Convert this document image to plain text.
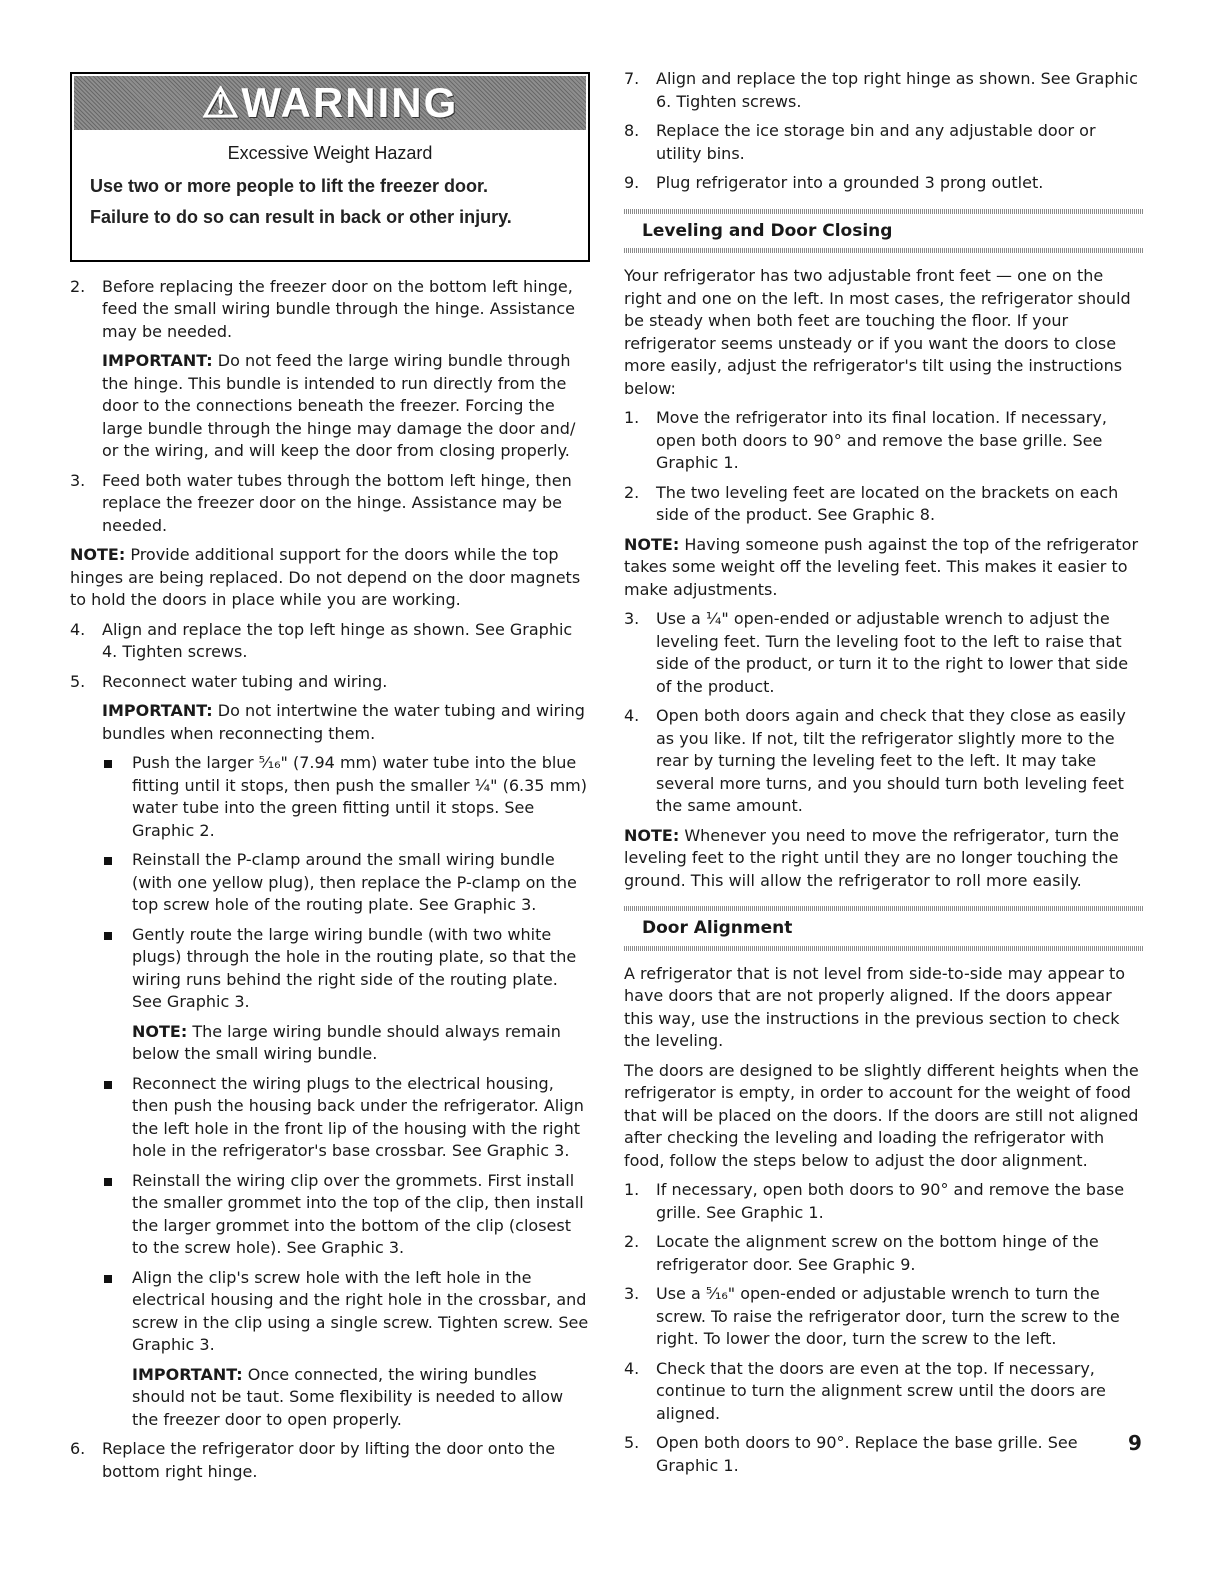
⚠WARNING
Excessive Weight Hazard
Use two or more people to lift the freezer door.
Failure to do so can result in back or other injury.
2.	Before replacing the freezer door on the bottom left hinge, feed the small wiring bundle through the hinge. Assistance may be needed.
IMPORTANT: Do not feed the large wiring bundle through the hinge. This bundle is intended to run directly from the door to the connections beneath the freezer. Forcing the large bundle through the hinge may damage the door and/ or the wiring, and will keep the door from closing properly.
3.	Feed both water tubes through the bottom left hinge, then replace the freezer door on the hinge. Assistance may be needed.

NOTE: Provide additional support for the doors while the top hinges are being replaced. Do not depend on the door magnets to hold the doors in place while you are working.

4.	Align and replace the top left hinge as shown. See Graphic 4. Tighten screws.
5.	Reconnect water tubing and wiring.
IMPORTANT: Do not intertwine the water tubing and wiring bundles when reconnecting them.
Push the larger ⁵⁄₁₆" (7.94 mm) water tube into the blue fitting until it stops, then push the smaller ¹⁄₄" (6.35 mm) water tube into the green fitting until it stops. See Graphic 2.
Reinstall the P-clamp around the small wiring bundle (with one yellow plug), then replace the P-clamp on the top screw hole of the routing plate. See Graphic 3.
Gently route the large wiring bundle (with two white plugs) through the hole in the routing plate, so that the wiring runs behind the right side of the routing plate. See Graphic 3.
NOTE: The large wiring bundle should always remain below the small wiring bundle.
Reconnect the wiring plugs to the electrical housing, then push the housing back under the refrigerator. Align the left hole in the front lip of the housing with the right hole in the refrigerator's base crossbar. See Graphic 3.
Reinstall the wiring clip over the grommets. First install the smaller grommet into the top of the clip, then install the larger grommet into the bottom of the clip (closest to the screw hole). See Graphic 3.
Align the clip's screw hole with the left hole in the electrical housing and the right hole in the crossbar, and screw in the clip using a single screw. Tighten screw. See Graphic 3.
IMPORTANT: Once connected, the wiring bundles should not be taut. Some flexibility is needed to allow the freezer door to open properly.
6.	Replace the refrigerator door by lifting the door onto the bottom right hinge.
7.	Align and replace the top right hinge as shown. See Graphic 6. Tighten screws.
8.	Replace the ice storage bin and any adjustable door or utility bins.
9.	Plug refrigerator into a grounded 3 prong outlet.
Leveling and Door Closing

Your refrigerator has two adjustable front feet — one on the right and one on the left. In most cases, the refrigerator should be steady when both feet are touching the floor. If your refrigerator seems unsteady or if you want the doors to close more easily, adjust the refrigerator's tilt using the instructions below:

1.	Move the refrigerator into its final location. If necessary, open both doors to 90° and remove the base grille. See Graphic 1.
2.	The two leveling feet are located on the brackets on each side of the product. See Graphic 8.

NOTE: Having someone push against the top of the refrigerator takes some weight off the leveling feet. This makes it easier to make adjustments.

3.	Use a ¹⁄₄" open-ended or adjustable wrench to adjust the leveling feet. Turn the leveling foot to the left to raise that side of the product, or turn it to the right to lower that side of the product.
4.	Open both doors again and check that they close as easily as you like. If not, tilt the refrigerator slightly more to the rear by turning the leveling feet to the left. It may take several more turns, and you should turn both leveling feet the same amount.

NOTE: Whenever you need to move the refrigerator, turn the leveling feet to the right until they are no longer touching the ground. This will allow the refrigerator to roll more easily.

Door Alignment

A refrigerator that is not level from side-to-side may appear to have doors that are not properly aligned. If the doors appear this way, use the instructions in the previous section to check the leveling.

The doors are designed to be slightly different heights when the refrigerator is empty, in order to account for the weight of food that will be placed on the doors. If the doors are still not aligned after checking the leveling and loading the refrigerator with food, follow the steps below to adjust the door alignment.

1.	If necessary, open both doors to 90° and remove the base grille. See Graphic 1.
2.	Locate the alignment screw on the bottom hinge of the refrigerator door. See Graphic 9.
3.	Use a ⁵⁄₁₆" open-ended or adjustable wrench to turn the screw. To raise the refrigerator door, turn the screw to the right. To lower the door, turn the screw to the left.
4.	Check that the doors are even at the top. If necessary, continue to turn the alignment screw until the doors are aligned.
5.	Open both doors to 90°. Replace the base grille. See Graphic 1.
9
